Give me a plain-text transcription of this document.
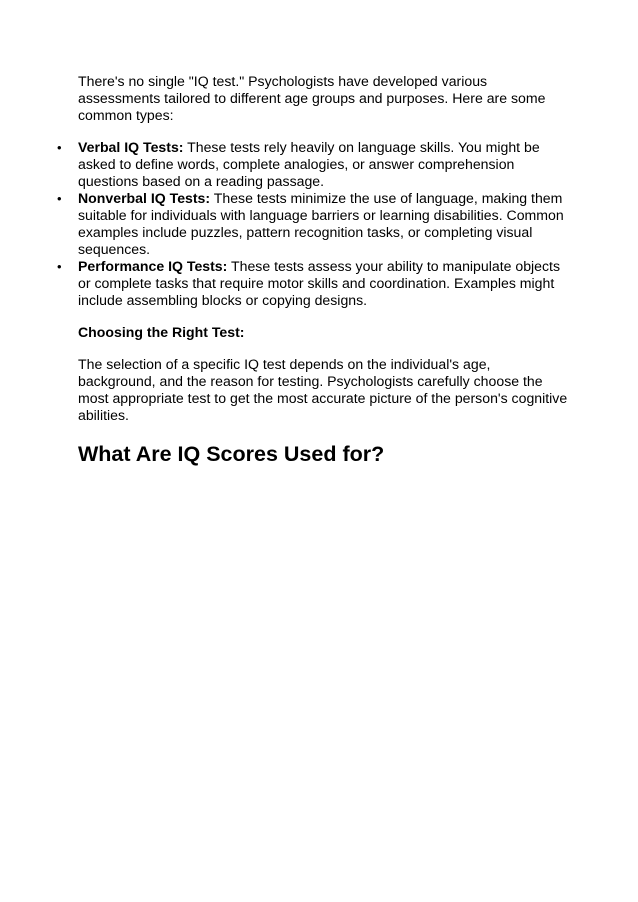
There's no single "IQ test." Psychologists have developed various assessments tailored to different age groups and purposes. Here are some common types:

• Verbal IQ Tests: These tests rely heavily on language skills. You might be asked to define words, complete analogies, or answer comprehension questions based on a reading passage.
• Nonverbal IQ Tests: These tests minimize the use of language, making them suitable for individuals with language barriers or learning disabilities. Common examples include puzzles, pattern recognition tasks, or completing visual sequences.
• Performance IQ Tests: These tests assess your ability to manipulate objects or complete tasks that require motor skills and coordination. Examples might include assembling blocks or copying designs.

Choosing the Right Test:

The selection of a specific IQ test depends on the individual's age, background, and the reason for testing. Psychologists carefully choose the most appropriate test to get the most accurate picture of the person's cognitive abilities.

What Are IQ Scores Used for?
